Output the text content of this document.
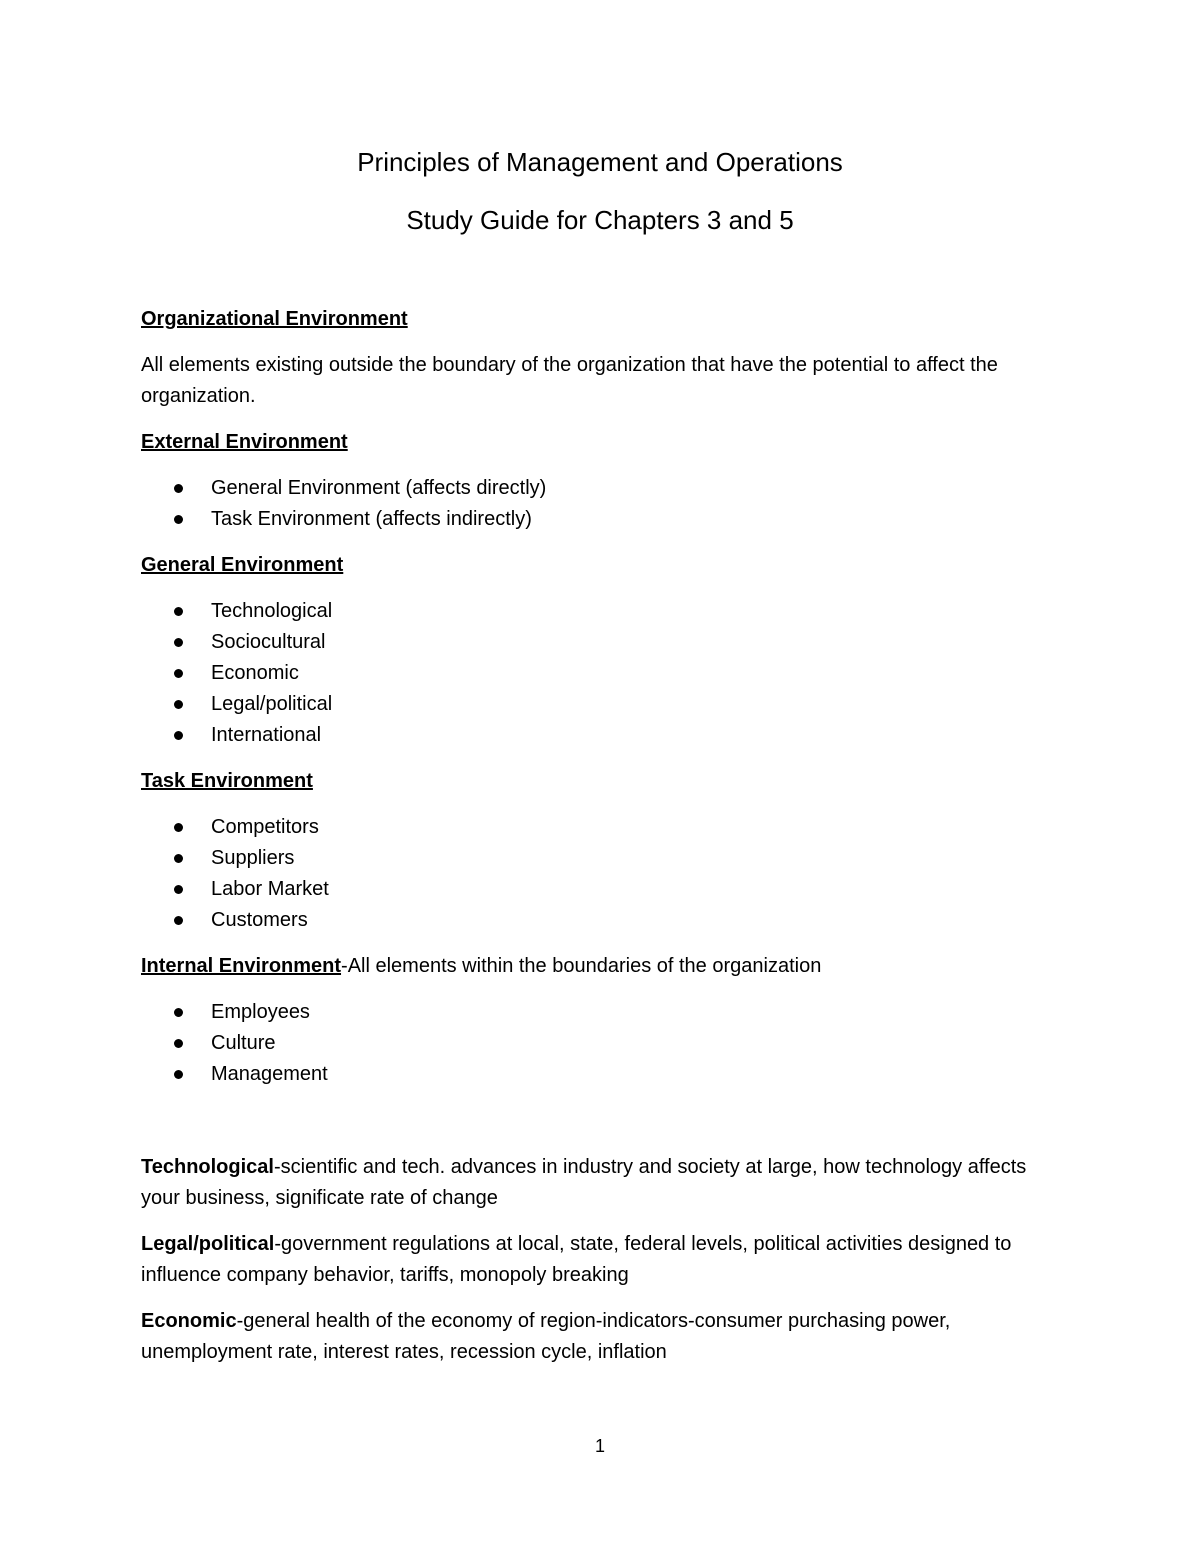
Principles of Management and Operations
Study Guide for Chapters 3 and 5
Organizational Environment
All elements existing outside the boundary of the organization that have the potential to affect the organization.
External Environment
General Environment (affects directly)
Task Environment (affects indirectly)
General Environment
Technological
Sociocultural
Economic
Legal/political
International
Task Environment
Competitors
Suppliers
Labor Market
Customers
Internal Environment-All elements within the boundaries of the organization
Employees
Culture
Management
Technological-scientific and tech. advances in industry and society at large, how technology affects your business, significate rate of change
Legal/political-government regulations at local, state, federal levels, political activities designed to influence company behavior, tariffs, monopoly breaking
Economic-general health of the economy of region-indicators-consumer purchasing power, unemployment rate, interest rates, recession cycle, inflation
1
